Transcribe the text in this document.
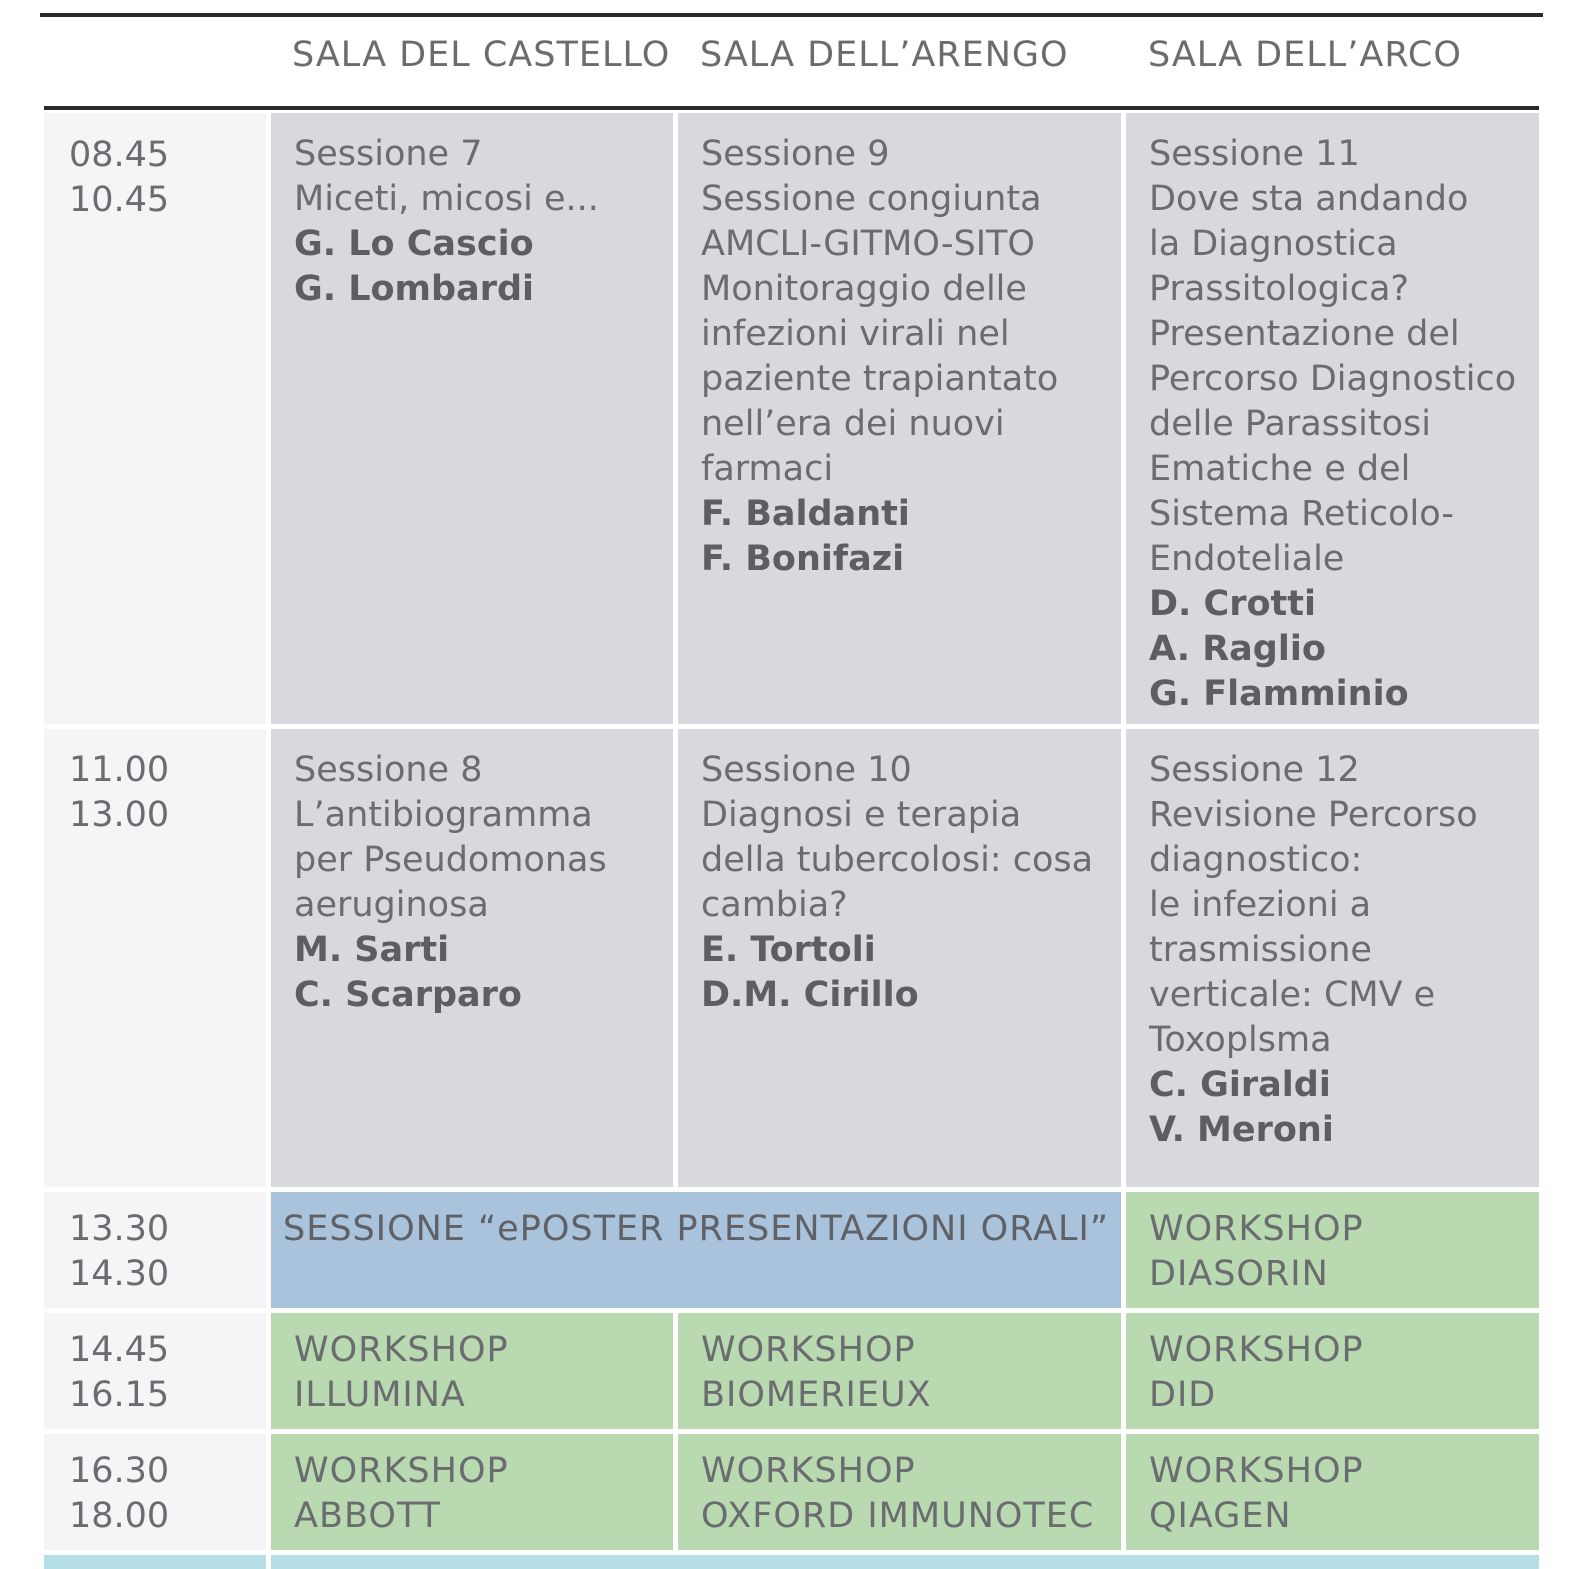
SALA DEL CASTELLO SALA DELL’ARENGO SALA DELL’ARCO
08.45
10.45
Sessione 7
Miceti, micosi e...
G. Lo Cascio
G. Lombardi
Sessione 9
Sessione congiunta
AMCLI-GITMO-SITO
Monitoraggio delle
infezioni virali nel
paziente trapiantato
nell’era dei nuovi
farmaci
F. Baldanti
F. Bonifazi
Sessione 11
Dove sta andando
la Diagnostica
Prassitologica?
Presentazione del
Percorso Diagnostico
delle Parassitosi
Ematiche e del
Sistema Reticolo-
Endoteliale
D. Crotti
A. Raglio
G. Flamminio
11.00
13.00
Sessione 8
L’antibiogramma
per Pseudomonas
aeruginosa
M. Sarti
C. Scarparo
Sessione 10
Diagnosi e terapia
della tubercolosi: cosa
cambia?
E. Tortoli
D.M. Cirillo
Sessione 12
Revisione Percorso
diagnostico:
le infezioni a
trasmissione
verticale: CMV e
Toxoplsma
C. Giraldi
V. Meroni
13.30
14.30
SESSIONE “ePOSTER PRESENTAZIONI ORALI”	WORKSHOP
DIASORIN
14.45
16.15
WORKSHOP
ILLUMINA
WORKSHOP
BIOMERIEUX
WORKSHOP
DID
16.30
18.00
WORKSHOP
ABBOTT
WORKSHOP
OXFORD IMMUNOTEC
WORKSHOP
QIAGEN
